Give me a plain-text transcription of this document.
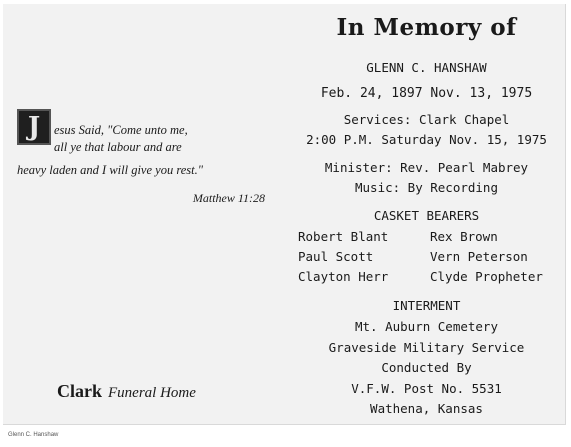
J esus Said, "Come unto me,
all ye that labour and are
heavy laden and I will give you rest."
Matthew 11:28
Clark Funeral Home
In Memory of
GLENN C. HANSHAW
Feb. 24, 1897 Nov. 13, 1975
Services: Clark Chapel
2:00 P.M. Saturday Nov. 15, 1975
Minister: Rev. Pearl Mabrey
Music: By Recording
CASKET BEARERS
Robert Blant	Rex Brown
Paul Scott	Vern Peterson
Clayton Herr	Clyde Propheter
INTERMENT
Mt. Auburn Cemetery
Graveside Military Service
Conducted By
V.F.W. Post No. 5531
Wathena, Kansas
Glenn C. Hanshaw
